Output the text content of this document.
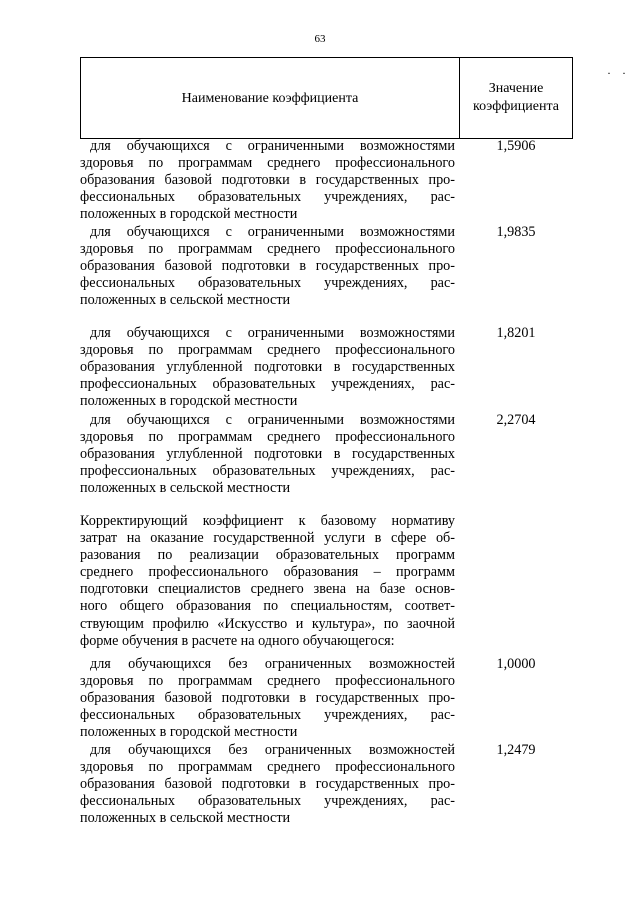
63
· ·
Наименование коэффициента
Значение
коэффициента
для обучающихся с ограниченными возможностями
здоровья по программам среднего профессионального
образования базовой подготовки в государственных про-
фессиональных образовательных учреждениях, рас-
положенных в городской местности
1,5906
для обучающихся с ограниченными возможностями
здоровья по программам среднего профессионального
образования базовой подготовки в государственных про-
фессиональных образовательных учреждениях, рас-
положенных в сельской местности
1,9835
для обучающихся с ограниченными возможностями
здоровья по программам среднего профессионального
образования углубленной подготовки в государственных
профессиональных образовательных учреждениях, рас-
положенных в городской местности
1,8201
для обучающихся с ограниченными возможностями
здоровья по программам среднего профессионального
образования углубленной подготовки в государственных
профессиональных образовательных учреждениях, рас-
положенных в сельской местности
2,2704
Корректирующий коэффициент к базовому нормативу
затрат на оказание государственной услуги в сфере об-
разования по реализации образовательных программ
среднего профессионального образования – программ
подготовки специалистов среднего звена на базе основ-
ного общего образования по специальностям, соответ-
ствующим профилю «Искусство и культура», по заочной
форме обучения в расчете на одного обучающегося:
для обучающихся без ограниченных возможностей
здоровья по программам среднего профессионального
образования базовой подготовки в государственных про-
фессиональных образовательных учреждениях, рас-
положенных в городской местности
1,0000
для обучающихся без ограниченных возможностей
здоровья по программам среднего профессионального
образования базовой подготовки в государственных про-
фессиональных образовательных учреждениях, рас-
положенных в сельской местности
1,2479
